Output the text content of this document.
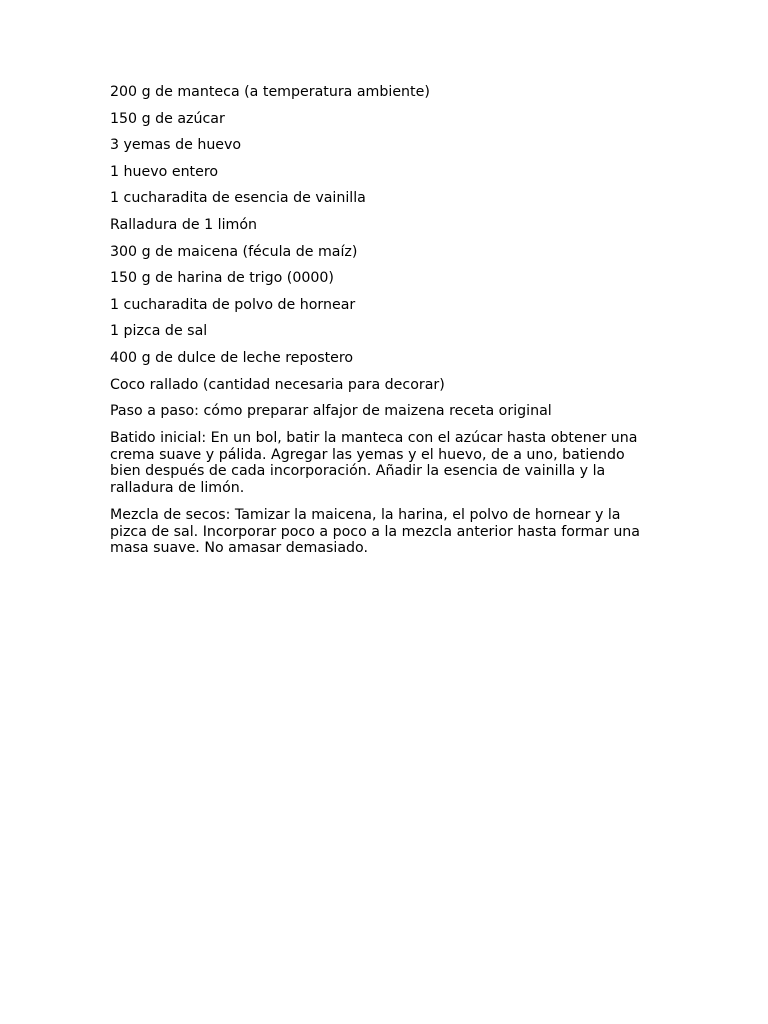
200 g de manteca (a temperatura ambiente)

150 g de azúcar

3 yemas de huevo

1 huevo entero

1 cucharadita de esencia de vainilla

Ralladura de 1 limón

300 g de maicena (fécula de maíz)

150 g de harina de trigo (0000)

1 cucharadita de polvo de hornear

1 pizca de sal

400 g de dulce de leche repostero

Coco rallado (cantidad necesaria para decorar)

Paso a paso: cómo preparar alfajor de maizena receta original

Batido inicial: En un bol, batir la manteca con el azúcar hasta obtener una crema suave y pálida. Agregar las yemas y el huevo, de a uno, batiendo bien después de cada incorporación. Añadir la esencia de vainilla y la ralladura de limón.

Mezcla de secos: Tamizar la maicena, la harina, el polvo de hornear y la pizca de sal. Incorporar poco a poco a la mezcla anterior hasta formar una masa suave. No amasar demasiado.
